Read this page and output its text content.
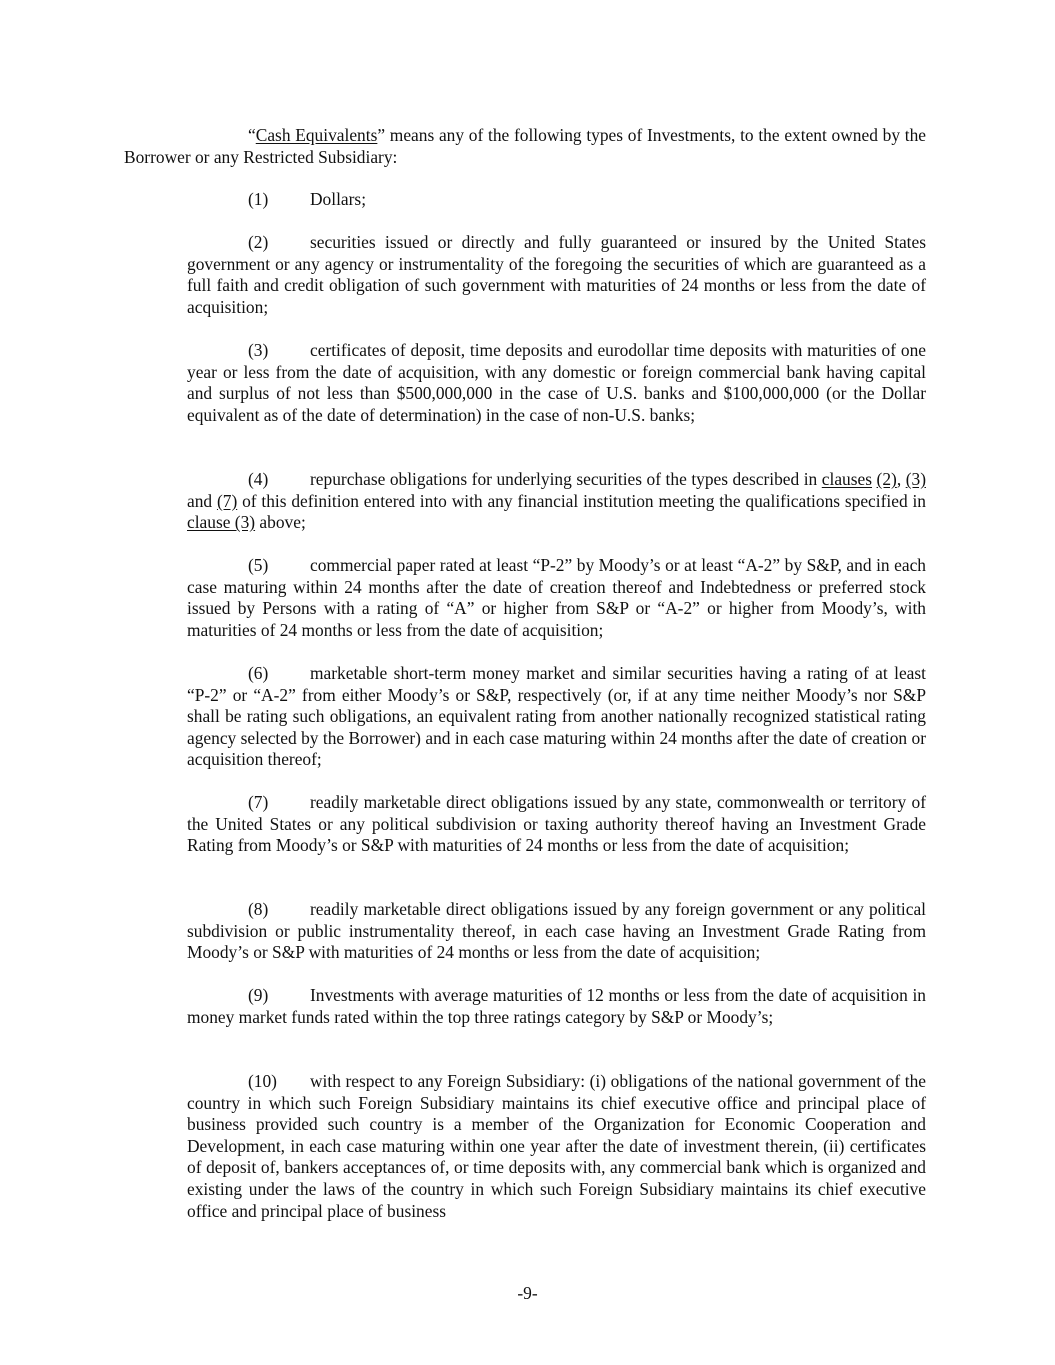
“Cash Equivalents” means any of the following types of Investments, to the extent owned by the Borrower or any Restricted Subsidiary:

(1) Dollars;

(2) securities issued or directly and fully guaranteed or insured by the United States government or any agency or instrumentality of the foregoing the securities of which are guaranteed as a full faith and credit obligation of such government with maturities of 24 months or less from the date of acquisition;

(3) certificates of deposit, time deposits and eurodollar time deposits with maturities of one year or less from the date of acquisition, with any domestic or foreign commercial bank having capital and surplus of not less than $500,000,000 in the case of U.S. banks and $100,000,000 (or the Dollar equivalent as of the date of determination) in the case of non-U.S. banks;

(4) repurchase obligations for underlying securities of the types described in clauses (2), (3) and (7) of this definition entered into with any financial institution meeting the qualifications specified in clause (3) above;

(5) commercial paper rated at least “P-2” by Moody’s or at least “A-2” by S&P, and in each case maturing within 24 months after the date of creation thereof and Indebtedness or preferred stock issued by Persons with a rating of “A” or higher from S&P or “A-2” or higher from Moody’s, with maturities of 24 months or less from the date of acquisition;

(6) marketable short-term money market and similar securities having a rating of at least “P-2” or “A-2” from either Moody’s or S&P, respectively (or, if at any time neither Moody’s nor S&P shall be rating such obligations, an equivalent rating from another nationally recognized statistical rating agency selected by the Borrower) and in each case maturing within 24 months after the date of creation or acquisition thereof;

(7) readily marketable direct obligations issued by any state, commonwealth or territory of the United States or any political subdivision or taxing authority thereof having an Investment Grade Rating from Moody’s or S&P with maturities of 24 months or less from the date of acquisition;

(8) readily marketable direct obligations issued by any foreign government or any political subdivision or public instrumentality thereof, in each case having an Investment Grade Rating from Moody’s or S&P with maturities of 24 months or less from the date of acquisition;

(9) Investments with average maturities of 12 months or less from the date of acquisition in money market funds rated within the top three ratings category by S&P or Moody’s;

(10) with respect to any Foreign Subsidiary: (i) obligations of the national government of the country in which such Foreign Subsidiary maintains its chief executive office and principal place of business provided such country is a member of the Organization for Economic Cooperation and Development, in each case maturing within one year after the date of investment therein, (ii) certificates of deposit of, bankers acceptances of, or time deposits with, any commercial bank which is organized and existing under the laws of the country in which such Foreign Subsidiary maintains its chief executive office and principal place of business

-9-
